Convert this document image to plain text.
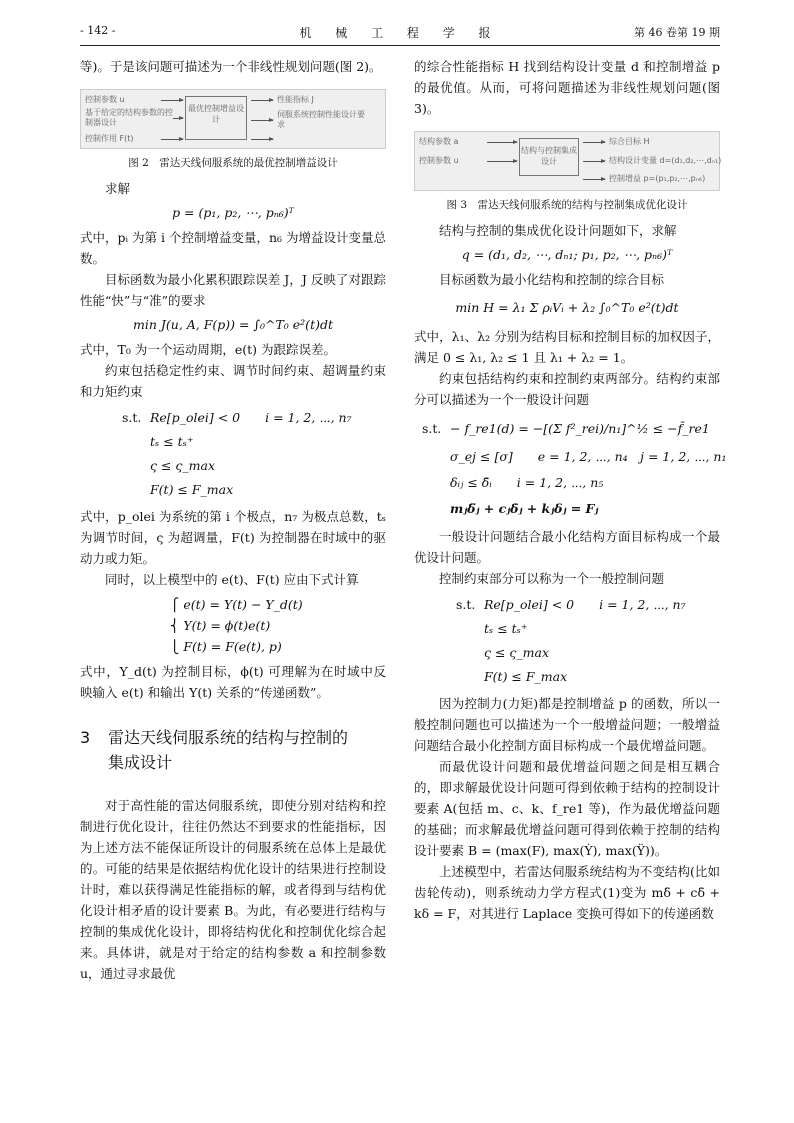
- 142 -	机 械 工 程 学 报	第 46 卷第 19 期

等)。于是该问题可描述为一个非线性规划问题(图 2)。

控制参数 u
基于给定的结构参数的控制器设计
控制作用 F(t)
最优控制增益设计
性能指标 J
伺服系统控制性能设计要求
图 2　雷达天线伺服系统的最优控制增益设计

求解

p = (p₁, p₂, ⋯, pₙ₆)ᵀ

式中，pᵢ 为第 i 个控制增益变量，n₆ 为增益设计变量总数。

目标函数为最小化累积跟踪误差 J，J 反映了对跟踪性能“快”与“准”的要求

min J(u, A, F(p)) = ∫₀^T₀ e²(t)dt

式中，T₀ 为一个运动周期，e(t) 为跟踪误差。

约束包括稳定性约束、调节时间约束、超调量约束和力矩约束

s.t. Re[p_olei] < 0　　i = 1, 2, ⋯, n₇
tₛ ≤ tₛ⁺
ς ≤ ς_max
F(t) ≤ F_max

式中，p_olei 为系统的第 i 个极点，n₇ 为极点总数，tₛ 为调节时间，ς 为超调量，F(t) 为控制器在时域中的驱动力或力矩。

同时，以上模型中的 e(t)、F(t) 应由下式计算

⎧ e(t) = Y(t) − Y_d(t)
⎨ Y(t) = ϕ(t)e(t)
⎩ F(t) = F(e(t), p)

式中，Y_d(t) 为控制目标，ϕ(t) 可理解为在时域中反映输入 e(t) 和输出 Y(t) 关系的“传递函数”。

3 雷达天线伺服系统的结构与控制的
集成设计

对于高性能的雷达伺服系统，即使分别对结构和控制进行优化设计，往往仍然达不到要求的性能指标，因为上述方法不能保证所设计的伺服系统在总体上是最优的。可能的结果是依据结构优化设计的结果进行控制设计时，难以获得满足性能指标的解，或者得到与结构优化设计相矛盾的设计要素 B。为此，有必要进行结构与控制的集成优化设计，即将结构优化和控制优化综合起来。具体讲，就是对于给定的结构参数 a 和控制参数 u，通过寻求最优

的综合性能指标 H 找到结构设计变量 d 和控制增益 p 的最优值。从而，可将问题描述为非线性规划问题(图 3)。

结构参数 a
控制参数 u
结构与控制集成设计
综合目标 H
结构设计变量 d=(d₁,d₂,⋯,dₙ₁)
控制增益 p=(p₁,p₂,⋯,pₙ₆)
图 3　雷达天线伺服系统的结构与控制集成优化设计

结构与控制的集成优化设计问题如下，求解

q = (d₁, d₂, ⋯, dₙ₁; p₁, p₂, ⋯, pₙ₆)ᵀ

目标函数为最小化结构和控制的综合目标

min H = λ₁ Σ ρᵢVᵢ + λ₂ ∫₀^T₀ e²(t)dt

式中，λ₁、λ₂ 分别为结构目标和控制目标的加权因子，满足 0 ≤ λ₁, λ₂ ≤ 1 且 λ₁ + λ₂ = 1。

约束包括结构约束和控制约束两部分。结构约束部分可以描述为一个一般设计问题

s.t. − f_re1(d) = −[(Σ f²_rei)/n₁]^½ ≤ −f̄_re1
σ_ej ≤ [σ]　　e = 1, 2, ⋯, n₄　j = 1, 2, ⋯, n₁
δᵢⱼ ≤ δ̄ᵢ　　i = 1, 2, ⋯, n₅
mⱼδ̈ⱼ + cⱼδ̇ⱼ + kⱼδⱼ = Fⱼ

一般设计问题结合最小化结构方面目标构成一个最优设计问题。

控制约束部分可以称为一个一般控制问题

s.t. Re[p_olei] < 0　　i = 1, 2, ⋯, n₇
tₛ ≤ tₛ⁺
ς ≤ ς_max
F(t) ≤ F_max

因为控制力(力矩)都是控制增益 p 的函数，所以一般控制问题也可以描述为一个一般增益问题；一般增益问题结合最小化控制方面目标构成一个最优增益问题。

而最优设计问题和最优增益问题之间是相互耦合的，即求解最优设计问题可得到依赖于结构的控制设计要素 A(包括 m、c、k、f_re1 等)，作为最优增益问题的基础；而求解最优增益问题可得到依赖于控制的结构设计要素 B = (max(F), max(Ẏ), max(Ÿ))。

上述模型中，若雷达伺服系统结构为不变结构(比如齿轮传动)，则系统动力学方程式(1)变为 mδ̈ + cδ̇ + kδ = F，对其进行 Laplace 变换可得如下的传递函数
